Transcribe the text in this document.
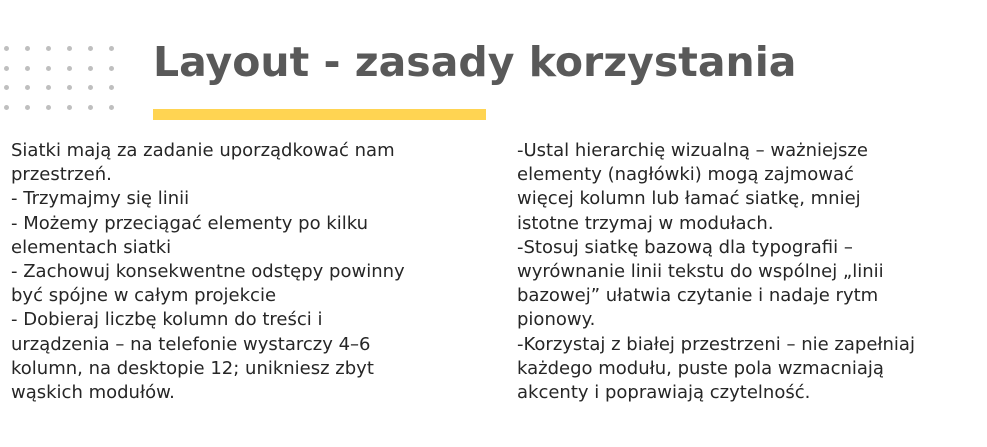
Layout - zasady korzystania
Siatki mają za zadanie uporządkować nam
przestrzeń.
- Trzymajmy się linii
- Możemy przeciągać elementy po kilku
elementach siatki
- Zachowuj konsekwentne odstępy powinny
być spójne w całym projekcie
- Dobieraj liczbę kolumn do treści i
urządzenia – na telefonie wystarczy 4–6
kolumn, na desktopie 12; unikniesz zbyt
wąskich modułów.
-Ustal hierarchię wizualną – ważniejsze
elementy (nagłówki) mogą zajmować
więcej kolumn lub łamać siatkę, mniej
istotne trzymaj w modułach.
-Stosuj siatkę bazową dla typografii –
wyrównanie linii tekstu do wspólnej „linii
bazowej” ułatwia czytanie i nadaje rytm
pionowy.
-Korzystaj z białej przestrzeni – nie zapełniaj
każdego modułu, puste pola wzmacniają
akcenty i poprawiają czytelność.
